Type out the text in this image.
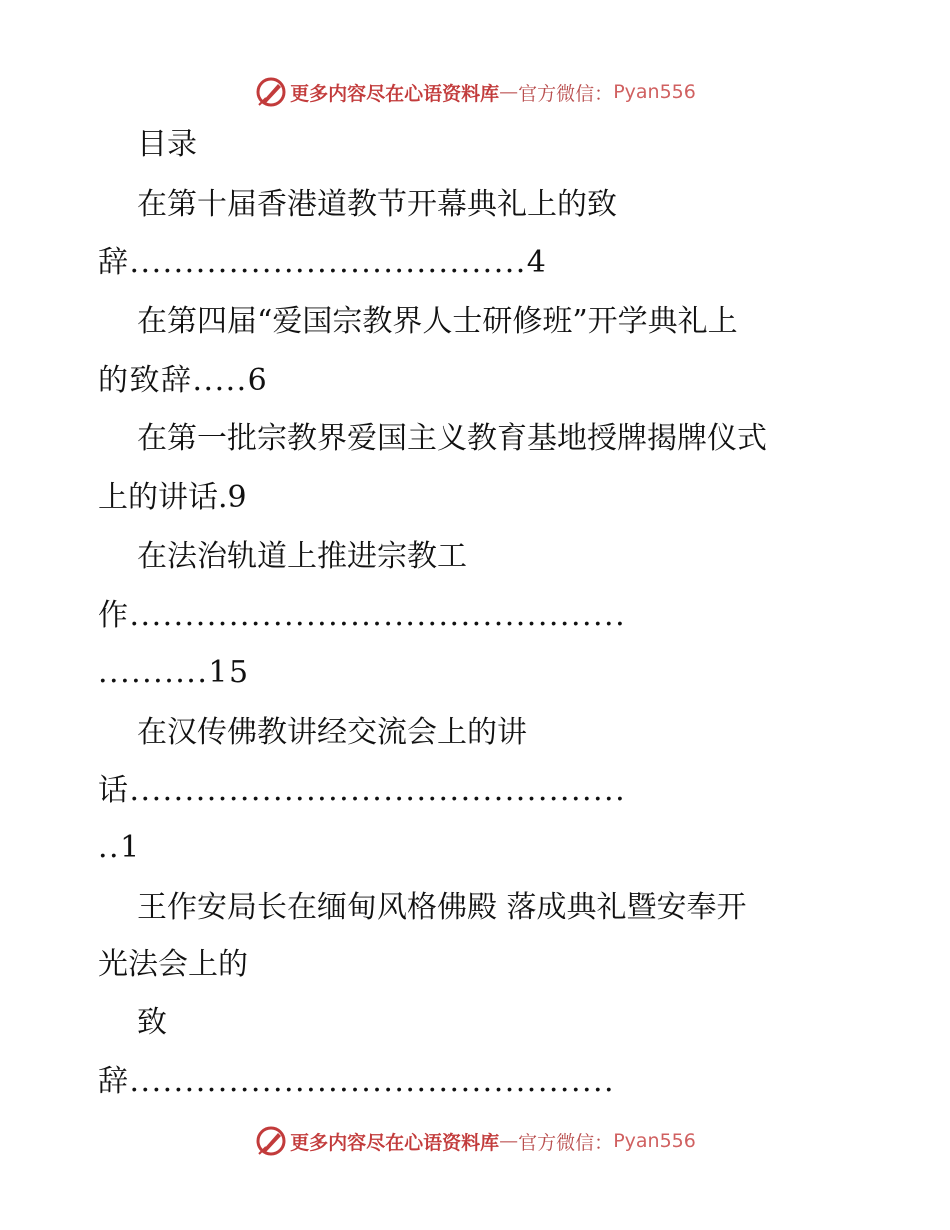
更多内容尽在心语资料库 — 官方微信： Pyan556
目录
在第十届香港道教节开幕典礼上的致
辞....................................4
在第四届“爱国宗教界人士研修班”开学典礼上
的致辞.....6
在第一批宗教界爱国主义教育基地授牌揭牌仪式
上的讲话.9
在法治轨道上推进宗教工
作.............................................
..........15
在汉传佛教讲经交流会上的讲
话.............................................
..1
王作安局长在缅甸风格佛殿 落成典礼暨安奉开
光法会上的
致
辞............................................
更多内容尽在心语资料库 — 官方微信： Pyan556
